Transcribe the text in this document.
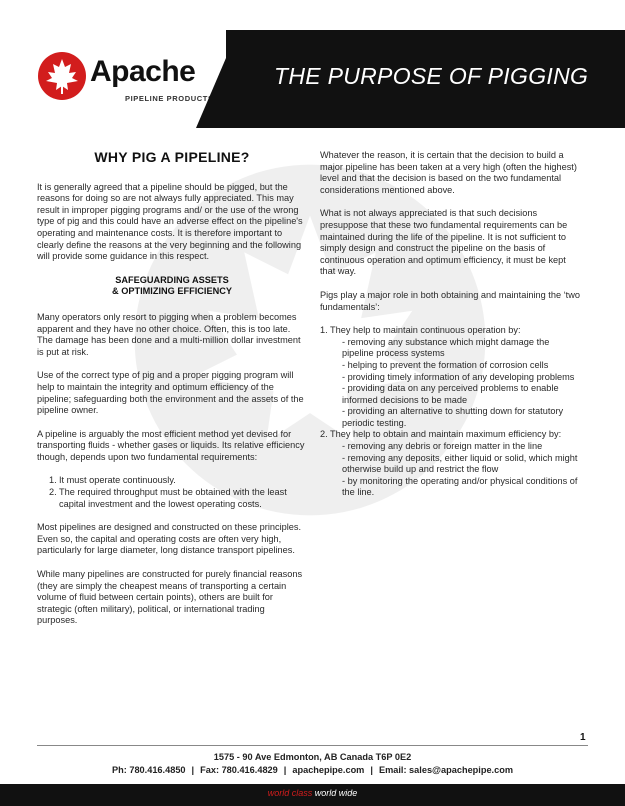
Apache
PIPELINE PRODUCTS
THE PURPOSE OF PIGGING
WHY PIG A PIPELINE?

It is generally agreed that a pipeline should be pigged, but the reasons for doing so are not always fully appreciated. This may result in improper pigging programs and/ or the use of the wrong type of pig and this could have an adverse effect on the pipeline's operating and maintenance costs. It is therefore important to clearly define the reasons at the very beginning and the following will provide some guidance in this respect.

SAFEGUARDING ASSETS
& OPTIMIZING EFFICIENCY

Many operators only resort to pigging when a problem becomes apparent and they have no other choice. Often, this is too late. The damage has been done and a multi-million dollar investment is put at risk.

Use of the correct type of pig and a proper pigging program will help to maintain the integrity and optimum efficiency of the pipeline; safeguarding both the environment and the assets of the pipeline owner.

A pipeline is arguably the most efficient method yet devised for transporting fluids - whether gases or liquids. Its relative efficiency though, depends upon two fundamental requirements:

1. It must operate continuously.
2. The required throughput must be obtained with the least capital investment and the lowest operating costs.

Most pipelines are designed and constructed on these principles. Even so, the capital and operating costs are often very high, particularly for large diameter, long distance transport pipelines.

While many pipelines are constructed for purely financial reasons (they are simply the cheapest means of transporting a certain volume of fluid between certain points), others are built for strategic (often military), political, or international trading purposes.

Whatever the reason, it is certain that the decision to build a major pipeline has been taken at a very high (often the highest) level and that the decision is based on the two fundamental considerations mentioned above.

What is not always appreciated is that such decisions presuppose that these two fundamental requirements can be maintained during the life of the pipeline. It is not sufficient to simply design and construct the pipeline on the basis of continuous operation and optimum efficiency, it must be kept that way.

Pigs play a major role in both obtaining and maintaining the ‘two fundamentals’:

1. They help to maintain continuous operation by:
- removing any substance which might damage the pipeline process systems
- helping to prevent the formation of corrosion cells
- providing timely information of any developing problems
- providing data on any perceived problems to enable informed decisions to be made
- providing an alternative to shutting down for statutory periodic testing.
2. They help to obtain and maintain maximum efficiency by:
- removing any debris or foreign matter in the line
- removing any deposits, either liquid or solid, which might otherwise build up and restrict the flow
- by monitoring the operating and/or physical conditions of the line.
1
1575 - 90 Ave Edmonton, AB Canada T6P 0E2
Ph: 780.416.4850 | Fax: 780.416.4829 | apachepipe.com | Email: sales@apachepipe.com
world class world wide
